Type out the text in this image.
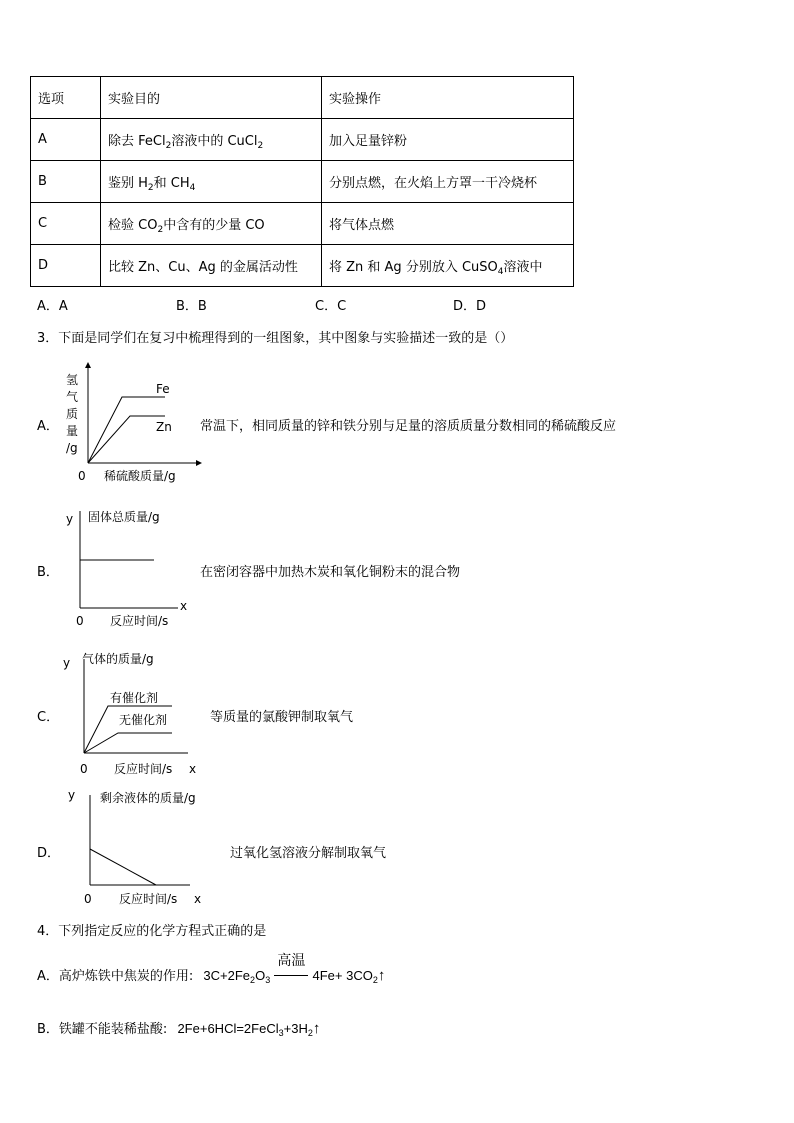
选项	实验目的	实验操作
A	除去 FeCl$_2$溶液中的 CuCl$_2$	加入足量锌粉
B	鉴别 $H_2$和 $CH_4$	分别点燃，在火焰上方罩一干冷烧杯
C	检验 $CO_2$中含有的少量 CO	将气体点燃
D	比较 Zn、Cu、Ag 的金属活动性	将 Zn 和 Ag 分别放入 CuSO$_4$溶液中
A．A	B．B	C．C	D．D
3．下面是同学们在复习中梳理得到的一组图象，其中图象与实验描述一致的是（）
A．
Fe
Zn
0 稀硫酸质量/g
氢
气
质
量
/g
常温下，相同质量的锌和铁分别与足量的溶质质量分数相同的稀硫酸反应
B．
y 固体总质量/g
x
0 反应时间/s
在密闭容器中加热木炭和氧化铜粉末的混合物
C．
y 气体的质量/g
有催化剂
无催化剂
0 反应时间/s x
等质量的氯酸钾制取氧气
D．
y 剩余液体的质量/g
0 反应时间/s x
过氧化氢溶液分解制取氧气
4．下列指定反应的化学方程式正确的是
A．高炉炼铁中焦炭的作用: $3C+2Fe_2O_3$
高温
$4Fe+ 3CO_2↑$
B．铁罐不能装稀盐酸: $2Fe+6HCl=2FeCl_3+3H_2↑$
